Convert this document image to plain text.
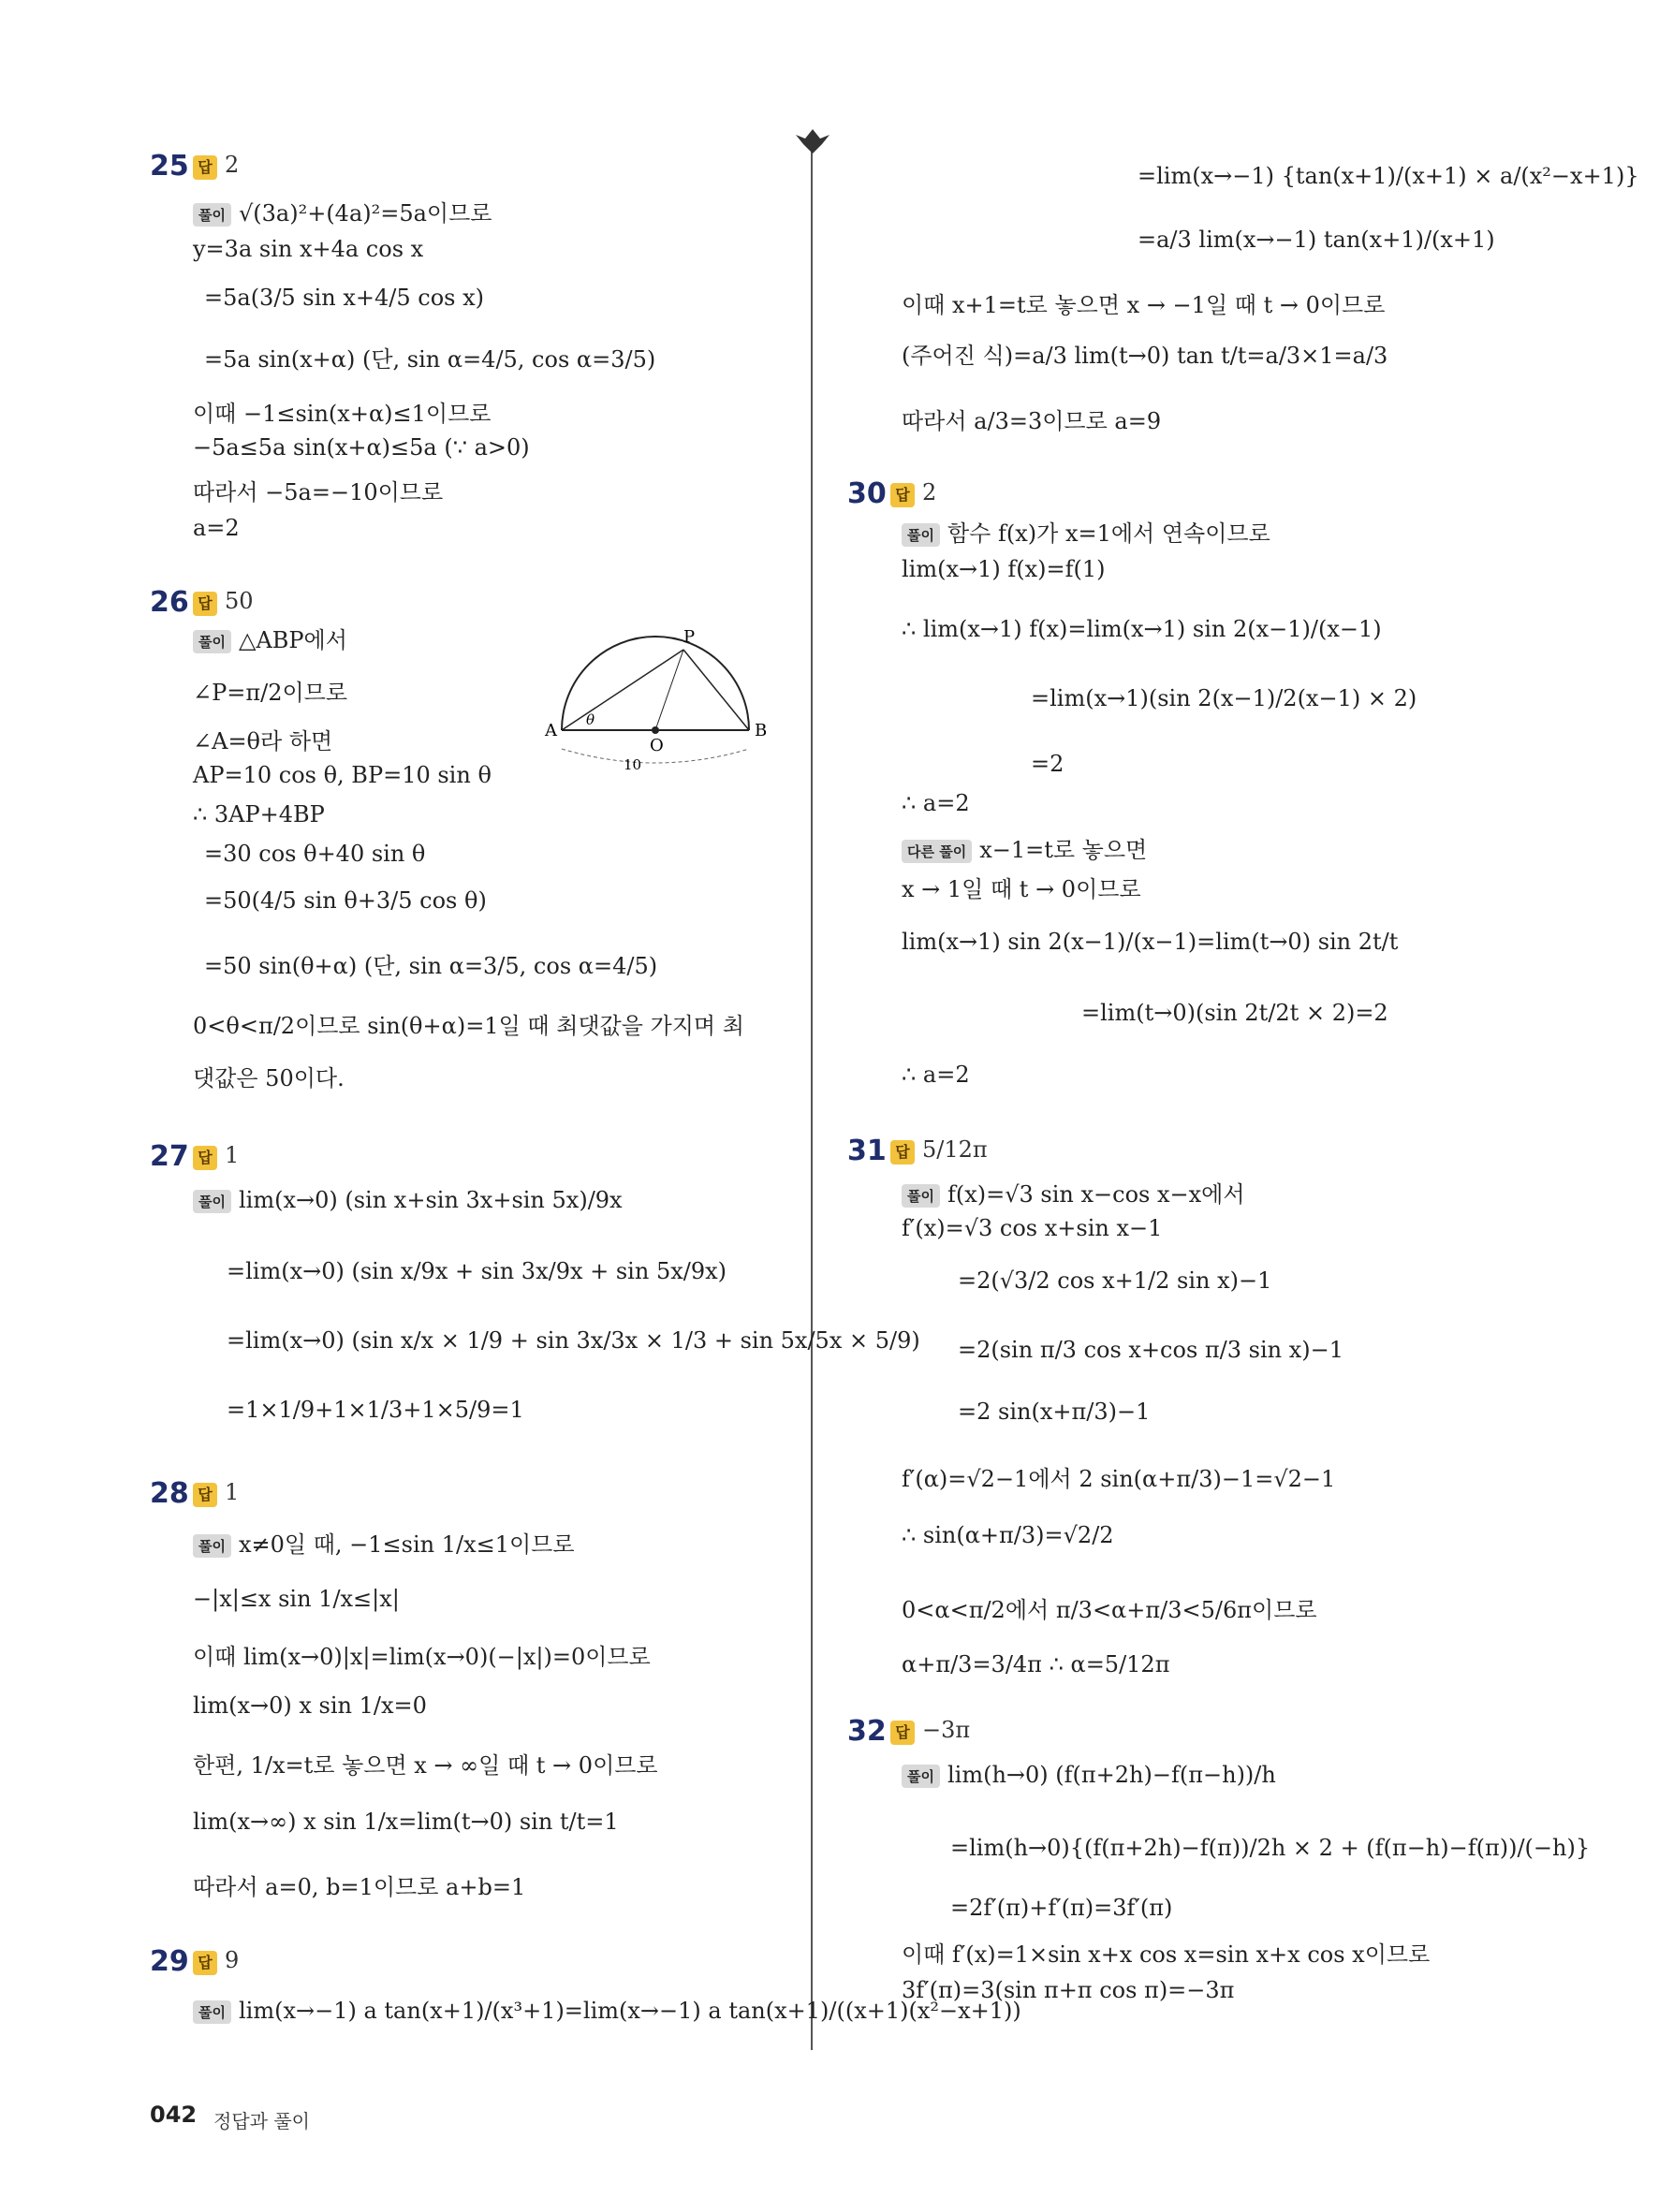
25 답 2
풀이 √(3a)²+(4a)²=5a이므로
y=3a sin x+4a cos x
=5a(3/5 sin x+4/5 cos x)
=5a sin(x+α) (단, sin α=4/5, cos α=3/5)
이때 −1≤sin(x+α)≤1이므로
−5a≤5a sin(x+α)≤5a (∵ a>0)
따라서 −5a=−10이므로
a=2
26 답 50
풀이 △ABP에서
∠P=π/2이므로
∠A=θ라 하면
AP=10 cos θ, BP=10 sin θ
∴ 3AP+4BP
=30 cos θ+40 sin θ
=50(4/5 sin θ+3/5 cos θ)
=50 sin(θ+α) (단, sin α=3/5, cos α=4/5)
0<θ<π/2이므로 sin(θ+α)=1일 때 최댓값을 가지며 최
댓값은 50이다.
A	B
P
O
θ
10
27 답 1
풀이 lim(x→0) (sin x+sin 3x+sin 5x)/9x
=lim(x→0) (sin x/9x + sin 3x/9x + sin 5x/9x)
=lim(x→0) (sin x/x × 1/9 + sin 3x/3x × 1/3 + sin 5x/5x × 5/9)
=1×1/9+1×1/3+1×5/9=1
28 답 1
풀이 x≠0일 때, −1≤sin 1/x≤1이므로
−|x|≤x sin 1/x≤|x|
이때 lim(x→0)|x|=lim(x→0)(−|x|)=0이므로
lim(x→0) x sin 1/x=0
한편, 1/x=t로 놓으면 x → ∞일 때 t → 0이므로
lim(x→∞) x sin 1/x=lim(t→0) sin t/t=1
따라서 a=0, b=1이므로 a+b=1
29 답 9
풀이 lim(x→−1) a tan(x+1)/(x³+1)=lim(x→−1) a tan(x+1)/((x+1)(x²−x+1))
=lim(x→−1) {tan(x+1)/(x+1) × a/(x²−x+1)}
=a/3 lim(x→−1) tan(x+1)/(x+1)
이때 x+1=t로 놓으면 x → −1일 때 t → 0이므로
(주어진 식)=a/3 lim(t→0) tan t/t=a/3×1=a/3
따라서 a/3=3이므로 a=9
30 답 2
풀이 함수 f(x)가 x=1에서 연속이므로
lim(x→1) f(x)=f(1)
∴ lim(x→1) f(x)=lim(x→1) sin 2(x−1)/(x−1)
=lim(x→1)(sin 2(x−1)/2(x−1) × 2)
=2
∴ a=2
다른 풀이 x−1=t로 놓으면
x → 1일 때 t → 0이므로
lim(x→1) sin 2(x−1)/(x−1)=lim(t→0) sin 2t/t
=lim(t→0)(sin 2t/2t × 2)=2
∴ a=2
31 답 5/12π
풀이 f(x)=√3 sin x−cos x−x에서
f′(x)=√3 cos x+sin x−1
=2(√3/2 cos x+1/2 sin x)−1
=2(sin π/3 cos x+cos π/3 sin x)−1
=2 sin(x+π/3)−1
f′(α)=√2−1에서 2 sin(α+π/3)−1=√2−1
∴ sin(α+π/3)=√2/2
0<α<π/2에서 π/3<α+π/3<5/6π이므로
α+π/3=3/4π ∴ α=5/12π
32 답 −3π
풀이 lim(h→0) (f(π+2h)−f(π−h))/h
=lim(h→0){(f(π+2h)−f(π))/2h × 2 + (f(π−h)−f(π))/(−h)}
=2f′(π)+f′(π)=3f′(π)
이때 f′(x)=1×sin x+x cos x=sin x+x cos x이므로
3f′(π)=3(sin π+π cos π)=−3π
042 정답과 풀이
